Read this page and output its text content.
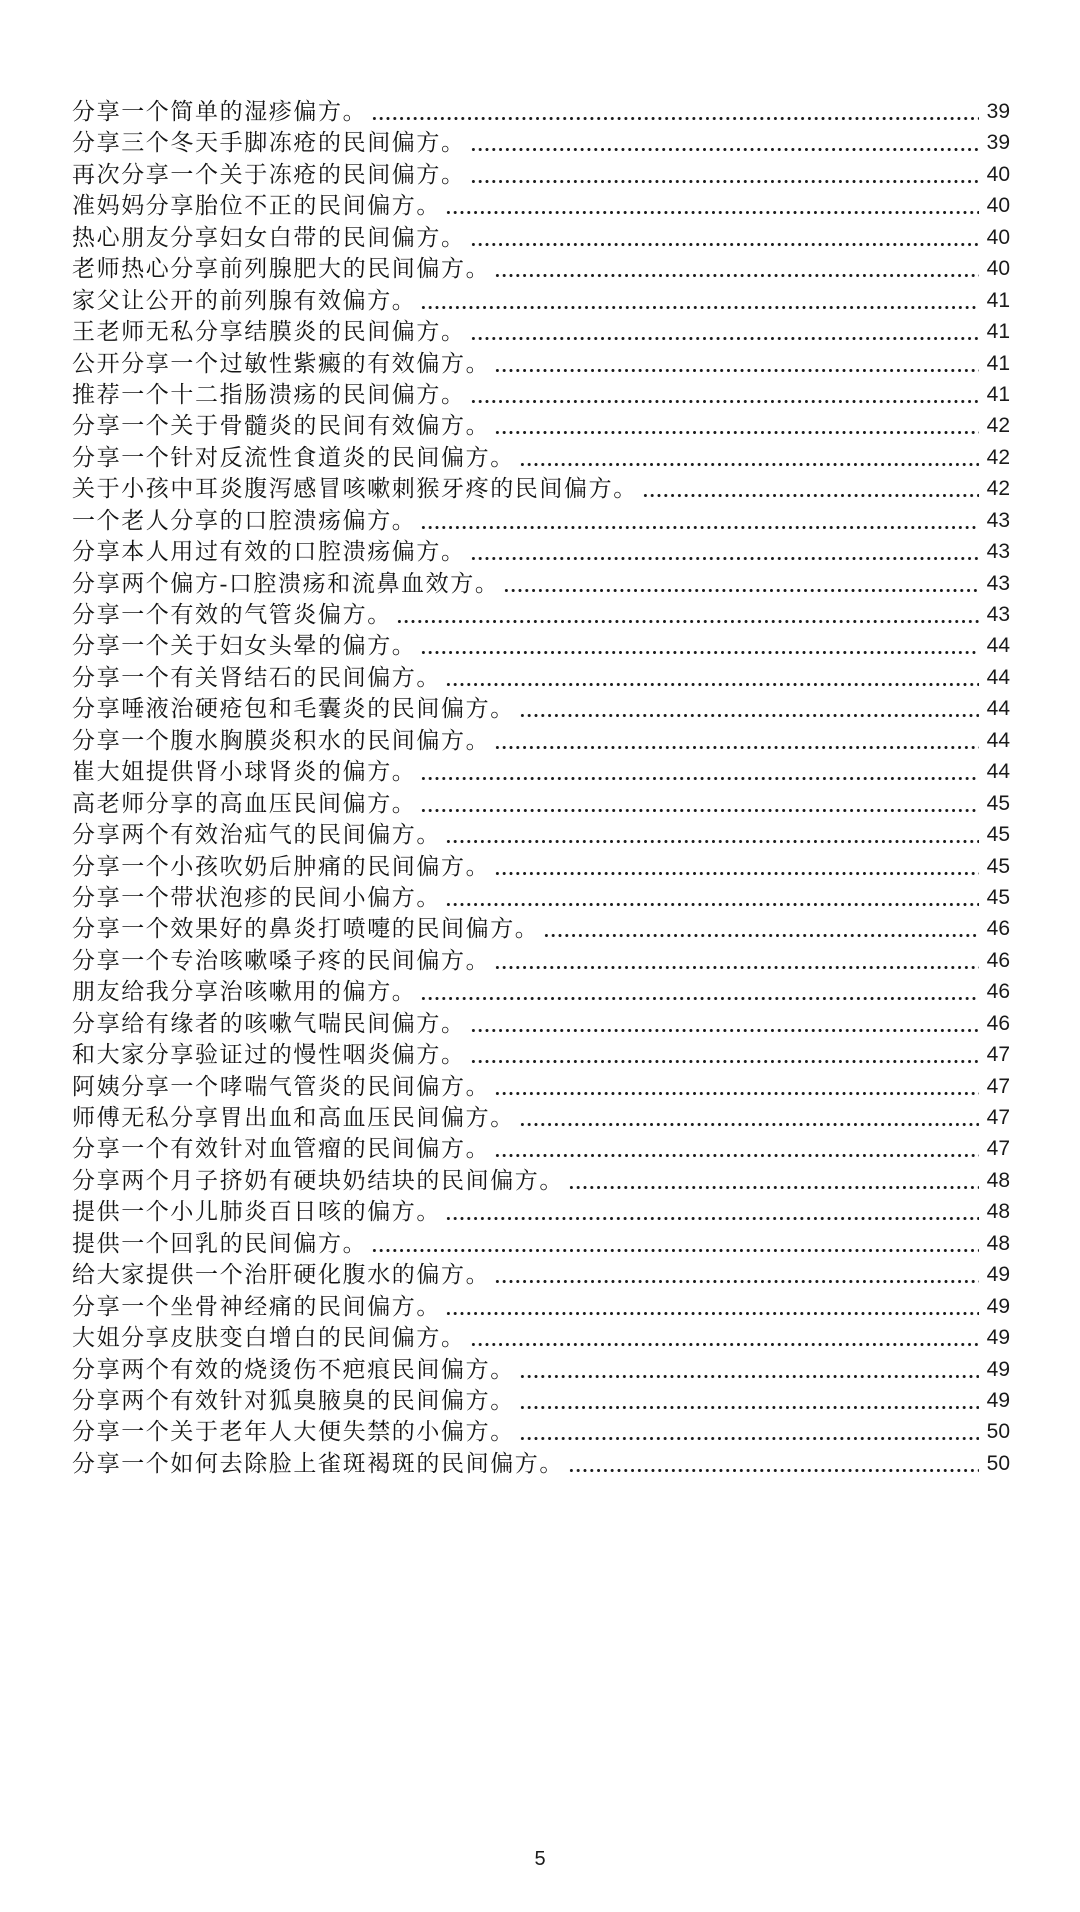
分享一个简单的湿疹偏方。	39
分享三个冬天手脚冻疮的民间偏方。	39
再次分享一个关于冻疮的民间偏方。	40
准妈妈分享胎位不正的民间偏方。	40
热心朋友分享妇女白带的民间偏方。	40
老师热心分享前列腺肥大的民间偏方。	40
家父让公开的前列腺有效偏方。	41
王老师无私分享结膜炎的民间偏方。	41
公开分享一个过敏性紫癜的有效偏方。	41
推荐一个十二指肠溃疡的民间偏方。	41
分享一个关于骨髓炎的民间有效偏方。	42
分享一个针对反流性食道炎的民间偏方。	42
关于小孩中耳炎腹泻感冒咳嗽刺猴牙疼的民间偏方。	42
一个老人分享的口腔溃疡偏方。	43
分享本人用过有效的口腔溃疡偏方。	43
分享两个偏方-口腔溃疡和流鼻血效方。	43
分享一个有效的气管炎偏方。	43
分享一个关于妇女头晕的偏方。	44
分享一个有关肾结石的民间偏方。	44
分享唾液治硬疮包和毛囊炎的民间偏方。	44
分享一个腹水胸膜炎积水的民间偏方。	44
崔大姐提供肾小球肾炎的偏方。	44
高老师分享的高血压民间偏方。	45
分享两个有效治疝气的民间偏方。	45
分享一个小孩吹奶后肿痛的民间偏方。	45
分享一个带状泡疹的民间小偏方。	45
分享一个效果好的鼻炎打喷嚏的民间偏方。	46
分享一个专治咳嗽嗓子疼的民间偏方。	46
朋友给我分享治咳嗽用的偏方。	46
分享给有缘者的咳嗽气喘民间偏方。	46
和大家分享验证过的慢性咽炎偏方。	47
阿姨分享一个哮喘气管炎的民间偏方。	47
师傅无私分享胃出血和高血压民间偏方。	47
分享一个有效针对血管瘤的民间偏方。	47
分享两个月子挤奶有硬块奶结块的民间偏方。	48
提供一个小儿肺炎百日咳的偏方。	48
提供一个回乳的民间偏方。	48
给大家提供一个治肝硬化腹水的偏方。	49
分享一个坐骨神经痛的民间偏方。	49
大姐分享皮肤变白增白的民间偏方。	49
分享两个有效的烧烫伤不疤痕民间偏方。	49
分享两个有效针对狐臭腋臭的民间偏方。	49
分享一个关于老年人大便失禁的小偏方。	50
分享一个如何去除脸上雀斑褐斑的民间偏方。	50
5
